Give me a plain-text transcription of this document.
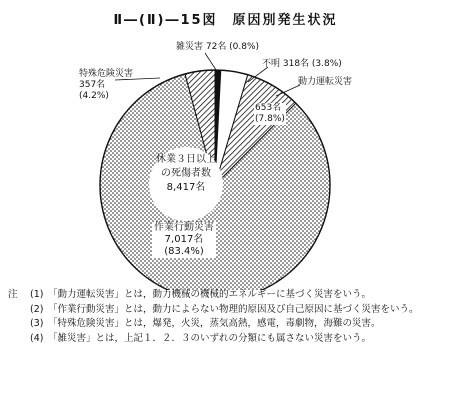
Ⅱ―(Ⅱ)―15図　原因別発生状況
休業３日以上
の死傷者数
8,417名
雑災害 72名 (0.8%)
不明 318名 (3.8%)
動力運転災害
653名
(7.8%)
特殊危険災害
357名
(4.2%)
作業行動災害
7,017名
(83.4%)
注	(1) 「動力運転災害」とは，動力機械の機械的エネルギーに基づく災害をいう。
(2) 「作業行動災害」とは，動力によらない物理的原因及び自己原因に基づく災害をいう。
(3) 「特殊危険災害」とは，爆発，火災，蒸気高熱，感電，毒劇物，海難の災害。
(4) 「雑災害」とは，上記１．２．３のいずれの分類にも属さない災害をいう。
